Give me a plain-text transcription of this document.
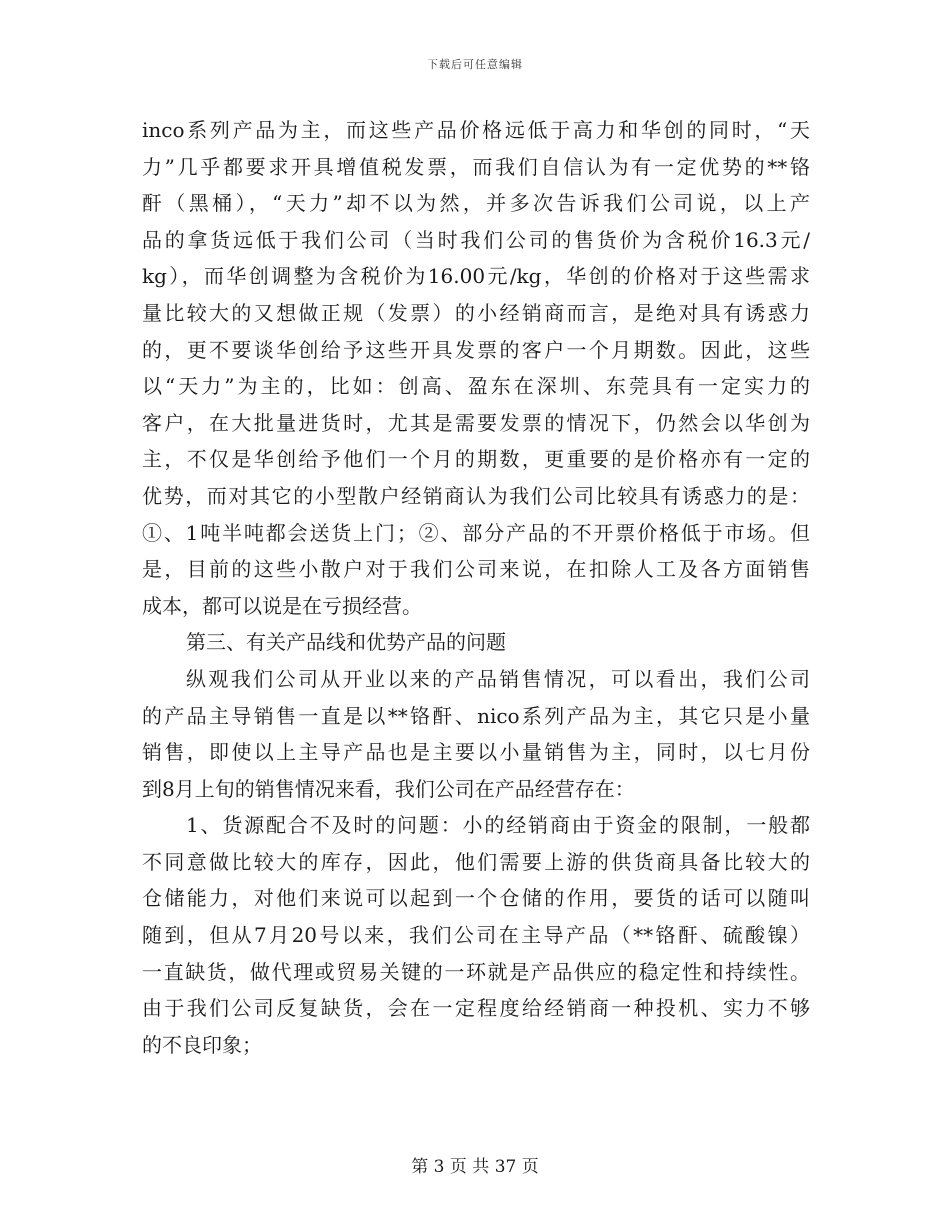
下载后可任意编辑
inco系列产品为主，而这些产品价格远低于高力和华创的同时，“天
力”几乎都要求开具增值税发票，而我们自信认为有一定优势的**铬
酐（黑桶），“天力”却不以为然，并多次告诉我们公司说，以上产
品的拿货远低于我们公司（当时我们公司的售货价为含税价16.3元/
kg），而华创调整为含税价为16.00元/kg，华创的价格对于这些需求
量比较大的又想做正规（发票）的小经销商而言，是绝对具有诱惑力
的，更不要谈华创给予这些开具发票的客户一个月期数。因此，这些
以“天力”为主的，比如：创高、盈东在深圳、东莞具有一定实力的
客户，在大批量进货时，尤其是需要发票的情况下，仍然会以华创为
主，不仅是华创给予他们一个月的期数，更重要的是价格亦有一定的
优势，而对其它的小型散户经销商认为我们公司比较具有诱惑力的是：
①、1吨半吨都会送货上门；②、部分产品的不开票价格低于市场。但
是，目前的这些小散户对于我们公司来说，在扣除人工及各方面销售
成本，都可以说是在亏损经营。
第三、有关产品线和优势产品的问题
纵观我们公司从开业以来的产品销售情况，可以看出，我们公司
的产品主导销售一直是以**铬酐、nico系列产品为主，其它只是小量
销售，即使以上主导产品也是主要以小量销售为主，同时，以七月份
到8月上旬的销售情况来看，我们公司在产品经营存在：
1、货源配合不及时的问题：小的经销商由于资金的限制，一般都
不同意做比较大的库存，因此，他们需要上游的供货商具备比较大的
仓储能力，对他们来说可以起到一个仓储的作用，要货的话可以随叫
随到，但从7月20号以来，我们公司在主导产品（**铬酐、硫酸镍）
一直缺货，做代理或贸易关键的一环就是产品供应的稳定性和持续性。
由于我们公司反复缺货，会在一定程度给经销商一种投机、实力不够
的不良印象；
第 3 页 共 37 页
